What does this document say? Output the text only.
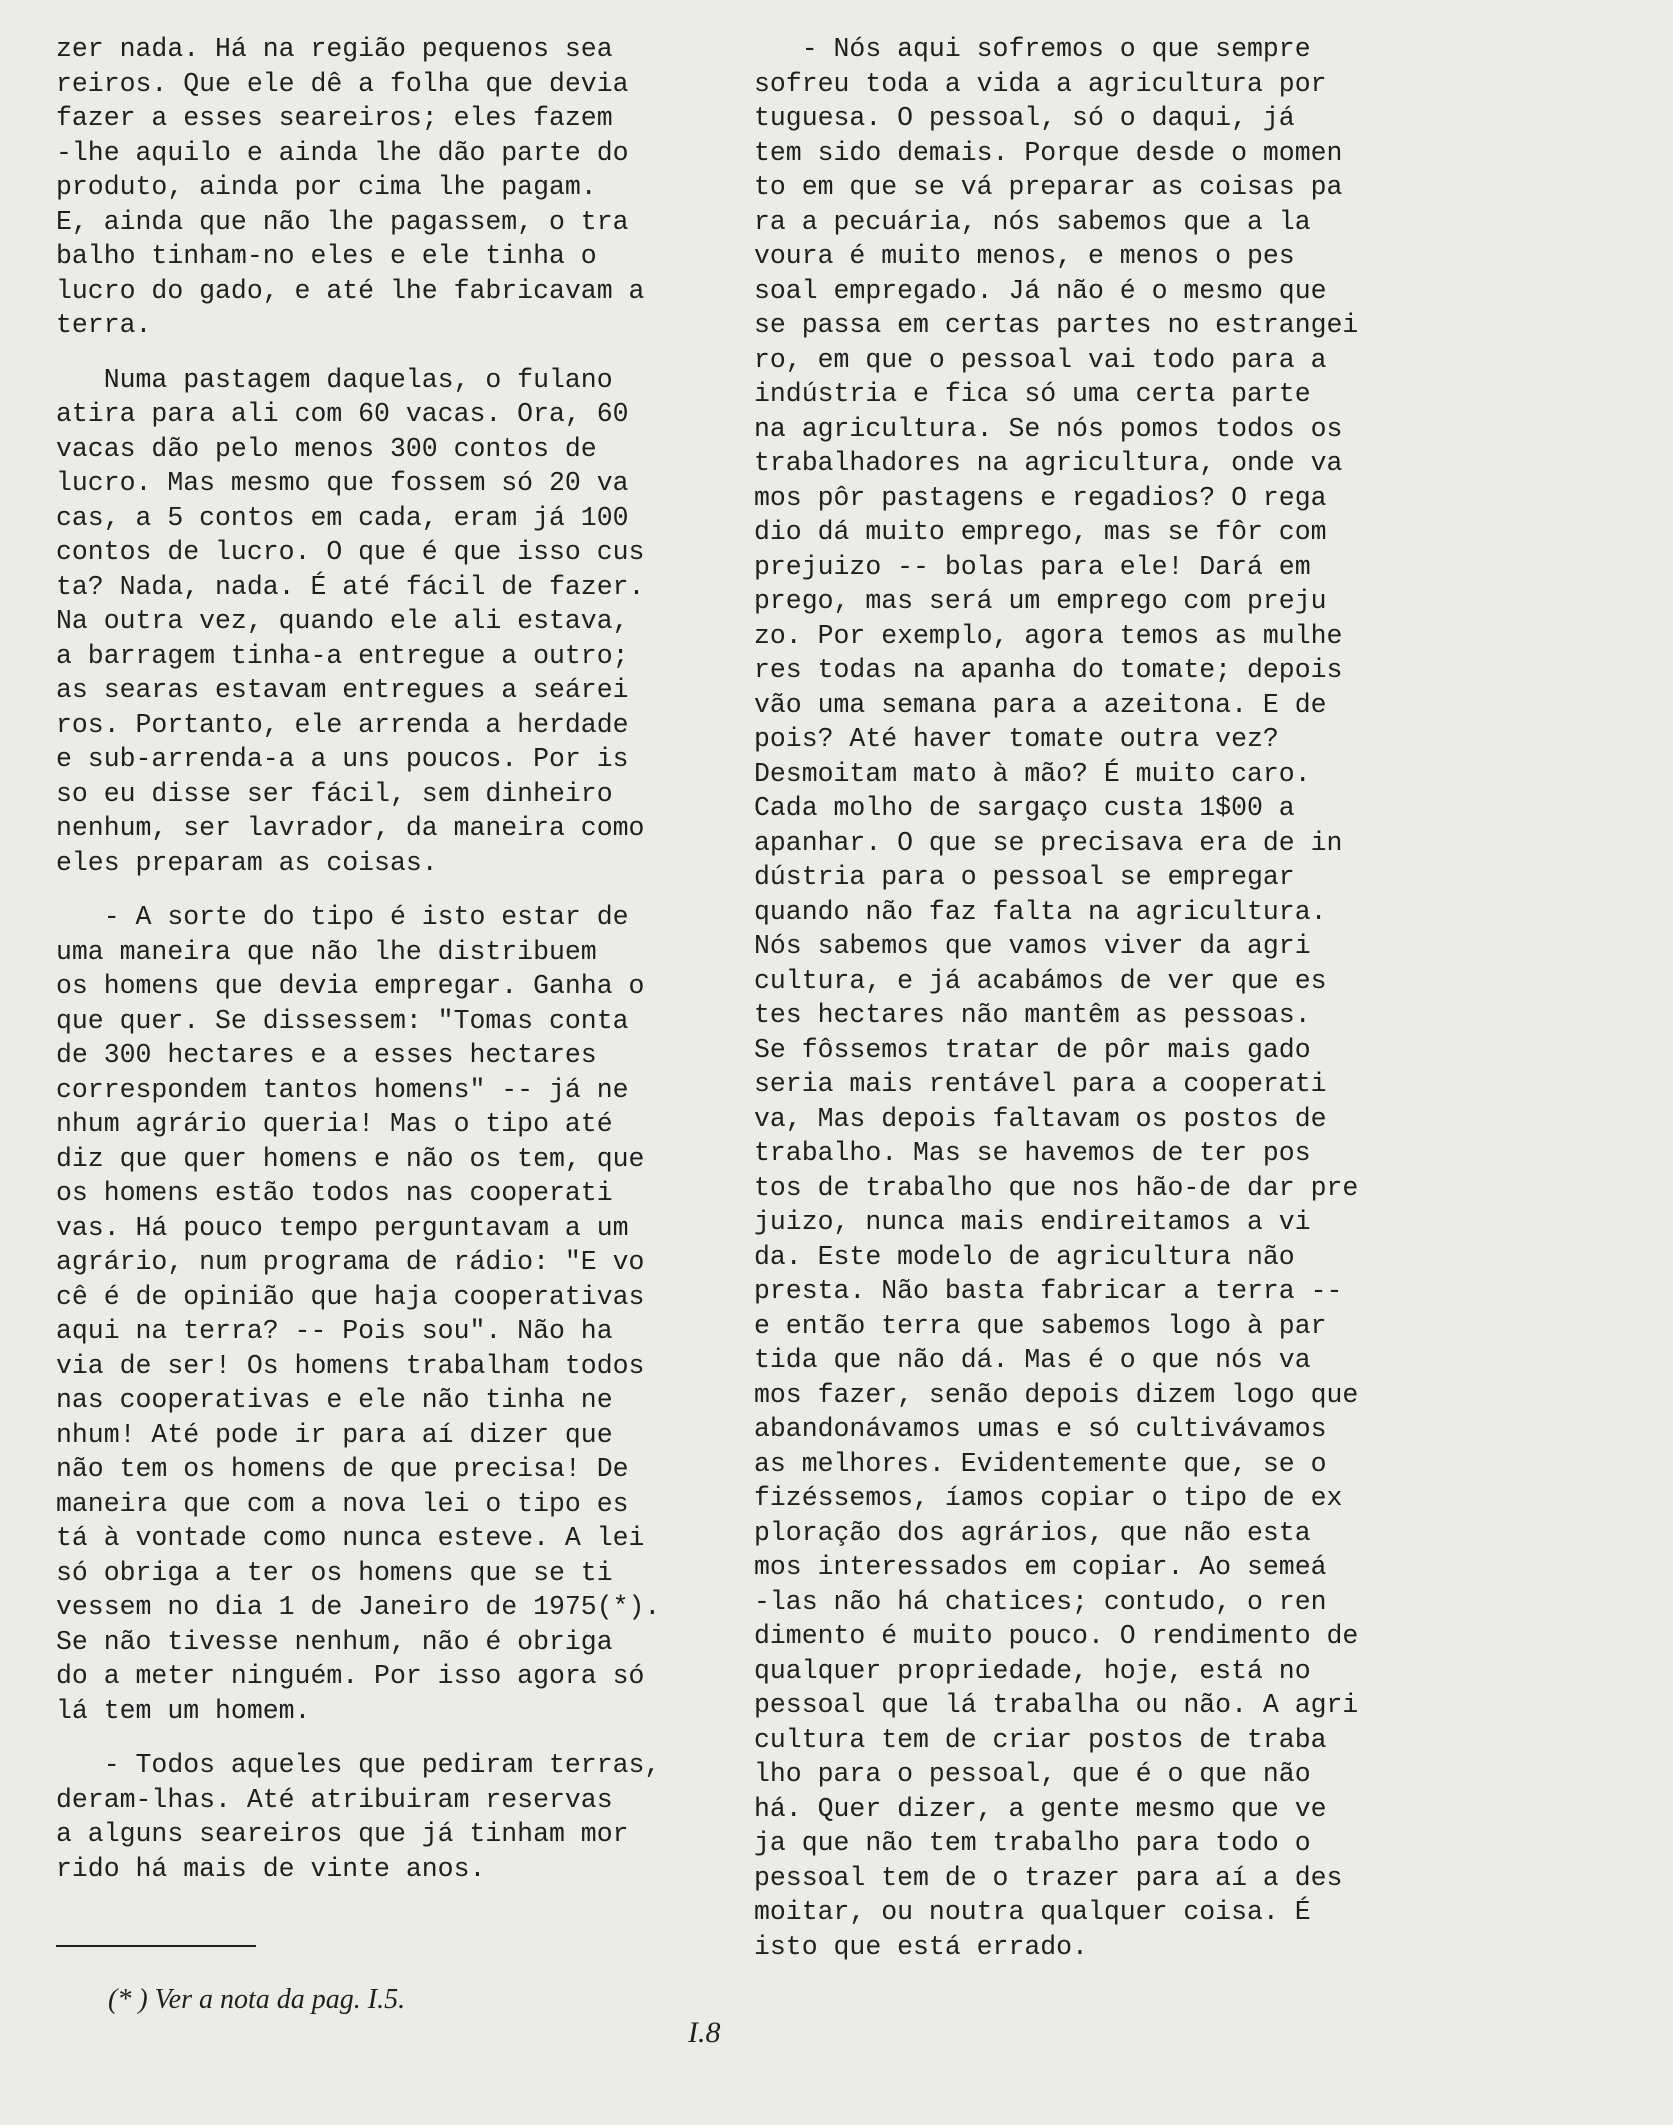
zer nada. Há na região pequenos sea
reiros. Que ele dê a folha que devia
fazer a esses seareiros; eles fazem
-lhe aquilo e ainda lhe dão parte do
produto, ainda por cima lhe pagam.
E, ainda que não lhe pagassem, o tra
balho tinham-no eles e ele tinha o
lucro do gado, e até lhe fabricavam a
terra.
Numa pastagem daquelas, o fulano
atira para ali com 60 vacas. Ora, 60
vacas dão pelo menos 300 contos de
lucro. Mas mesmo que fossem só 20 va
cas, a 5 contos em cada, eram já 100
contos de lucro. O que é que isso cus
ta? Nada, nada. É até fácil de fazer.
Na outra vez, quando ele ali estava,
a barragem tinha-a entregue a outro;
as searas estavam entregues a seárei
ros. Portanto, ele arrenda a herdade
e sub-arrenda-a a uns poucos. Por is
so eu disse ser fácil, sem dinheiro
nenhum, ser lavrador, da maneira como
eles preparam as coisas.
- A sorte do tipo é isto estar de
uma maneira que não lhe distribuem
os homens que devia empregar. Ganha o
que quer. Se dissessem: "Tomas conta
de 300 hectares e a esses hectares
correspondem tantos homens" -- já ne
nhum agrário queria! Mas o tipo até
diz que quer homens e não os tem, que
os homens estão todos nas cooperati
vas. Há pouco tempo perguntavam a um
agrário, num programa de rádio: "E vo
cê é de opinião que haja cooperativas
aqui na terra? -- Pois sou". Não ha
via de ser! Os homens trabalham todos
nas cooperativas e ele não tinha ne
nhum! Até pode ir para aí dizer que
não tem os homens de que precisa! De
maneira que com a nova lei o tipo es
tá à vontade como nunca esteve. A lei
só obriga a ter os homens que se ti
vessem no dia 1 de Janeiro de 1975(*).
Se não tivesse nenhum, não é obriga
do a meter ninguém. Por isso agora só
lá tem um homem.
- Todos aqueles que pediram terras,
deram-lhas. Até atribuiram reservas
a alguns seareiros que já tinham mor
rido há mais de vinte anos.
- Nós aqui sofremos o que sempre
sofreu toda a vida a agricultura por
tuguesa. O pessoal, só o daqui, já
tem sido demais. Porque desde o momen
to em que se vá preparar as coisas pa
ra a pecuária, nós sabemos que a la
voura é muito menos, e menos o pes
soal empregado. Já não é o mesmo que
se passa em certas partes no estrangei
ro, em que o pessoal vai todo para a
indústria e fica só uma certa parte
na agricultura. Se nós pomos todos os
trabalhadores na agricultura, onde va
mos pôr pastagens e regadios? O rega
dio dá muito emprego, mas se fôr com
prejuizo -- bolas para ele! Dará em
prego, mas será um emprego com preju
zo. Por exemplo, agora temos as mulhe
res todas na apanha do tomate; depois
vão uma semana para a azeitona. E de
pois? Até haver tomate outra vez?
Desmoitam mato à mão? É muito caro.
Cada molho de sargaço custa 1$00 a
apanhar. O que se precisava era de in
dústria para o pessoal se empregar
quando não faz falta na agricultura.
Nós sabemos que vamos viver da agri
cultura, e já acabámos de ver que es
tes hectares não mantêm as pessoas.
Se fôssemos tratar de pôr mais gado
seria mais rentável para a cooperati
va, Mas depois faltavam os postos de
trabalho. Mas se havemos de ter pos
tos de trabalho que nos hão-de dar pre
juizo, nunca mais endireitamos a vi
da. Este modelo de agricultura não
presta. Não basta fabricar a terra --
e então terra que sabemos logo à par
tida que não dá. Mas é o que nós va
mos fazer, senão depois dizem logo que
abandonávamos umas e só cultivávamos
as melhores. Evidentemente que, se o
fizéssemos, íamos copiar o tipo de ex
ploração dos agrários, que não esta
mos interessados em copiar. Ao semeá
-las não há chatices; contudo, o ren
dimento é muito pouco. O rendimento de
qualquer propriedade, hoje, está no
pessoal que lá trabalha ou não. A agri
cultura tem de criar postos de traba
lho para o pessoal, que é o que não
há. Quer dizer, a gente mesmo que ve
ja que não tem trabalho para todo o
pessoal tem de o trazer para aí a des
moitar, ou noutra qualquer coisa. É
isto que está errado.
(* ) Ver a nota da pag. I.5.
I.8
